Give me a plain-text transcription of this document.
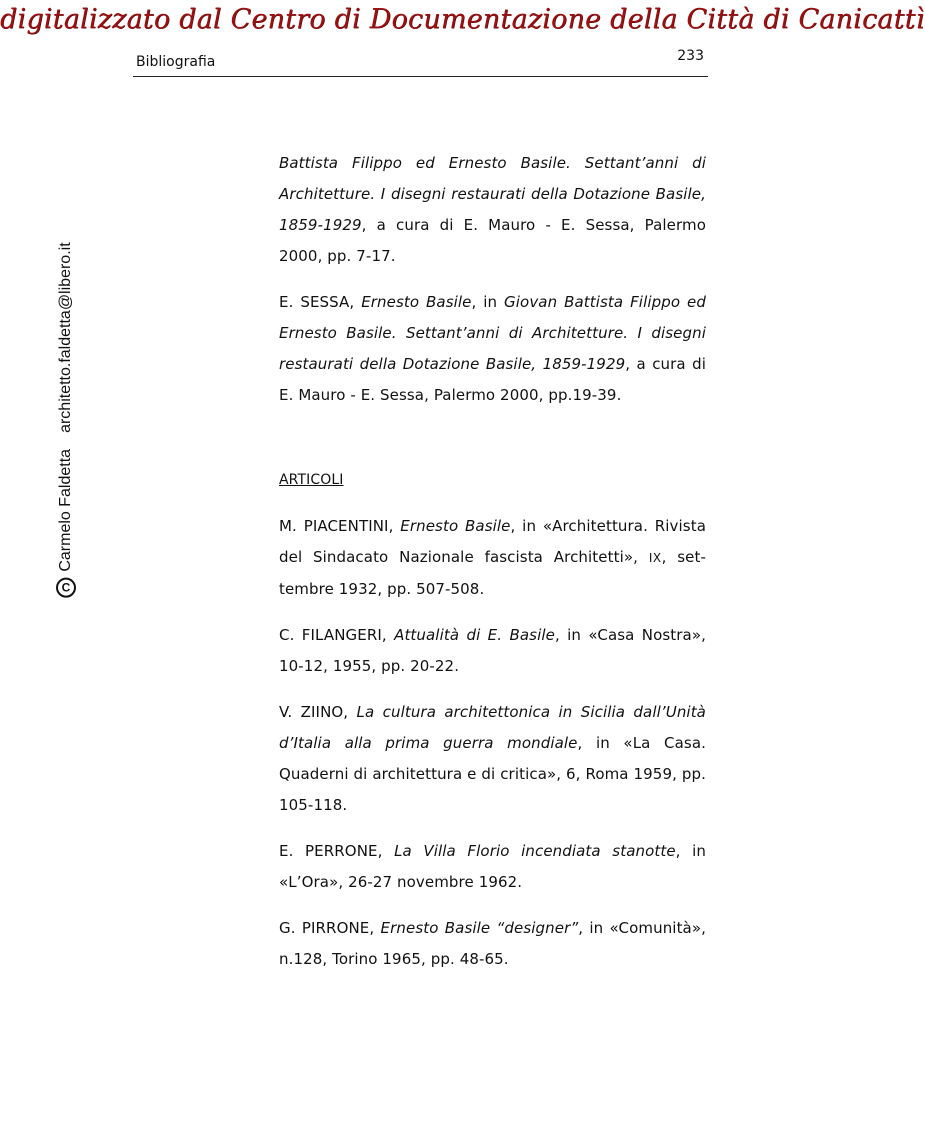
digitalizzato dal Centro di Documentazione della Città di Canicattì
C
Carmelo Faldetta
architetto.faldetta@libero.it
Bibliografia	233

Battista Filippo ed Ernesto Basile. Settant’anni di Architetture. I disegni restaurati della Dotazione Basile, 1859-1929, a cura di E. Mauro - E. Sessa, Palermo 2000, pp. 7-17.

E. SESSA, Ernesto Basile, in Giovan Battista Filippo ed Ernesto Basile. Settant’anni di Architetture. I disegni restaurati della Dotazione Basile, 1859-1929, a cura di E. Mauro - E. Sessa, Palermo 2000, pp.19-39.

ARTICOLI

M. PIACENTINI, Ernesto Basile, in «Architettura. Rivista del Sindacato Nazionale fascista Architetti», IX, set-tembre 1932, pp. 507-508.

C. FILANGERI, Attualità di E. Basile, in «Casa Nostra», 10-12, 1955, pp. 20-22.

V. ZIINO, La cultura architettonica in Sicilia dall’Unità d’Italia alla prima guerra mondiale, in «La Casa. Quaderni di architettura e di critica», 6, Roma 1959, pp. 105-118.

E. PERRONE, La Villa Florio incendiata stanotte, in «L’Ora», 26-27 novembre 1962.

G. PIRRONE, Ernesto Basile “designer”, in «Comunità», n.128, Torino 1965, pp. 48-65.
